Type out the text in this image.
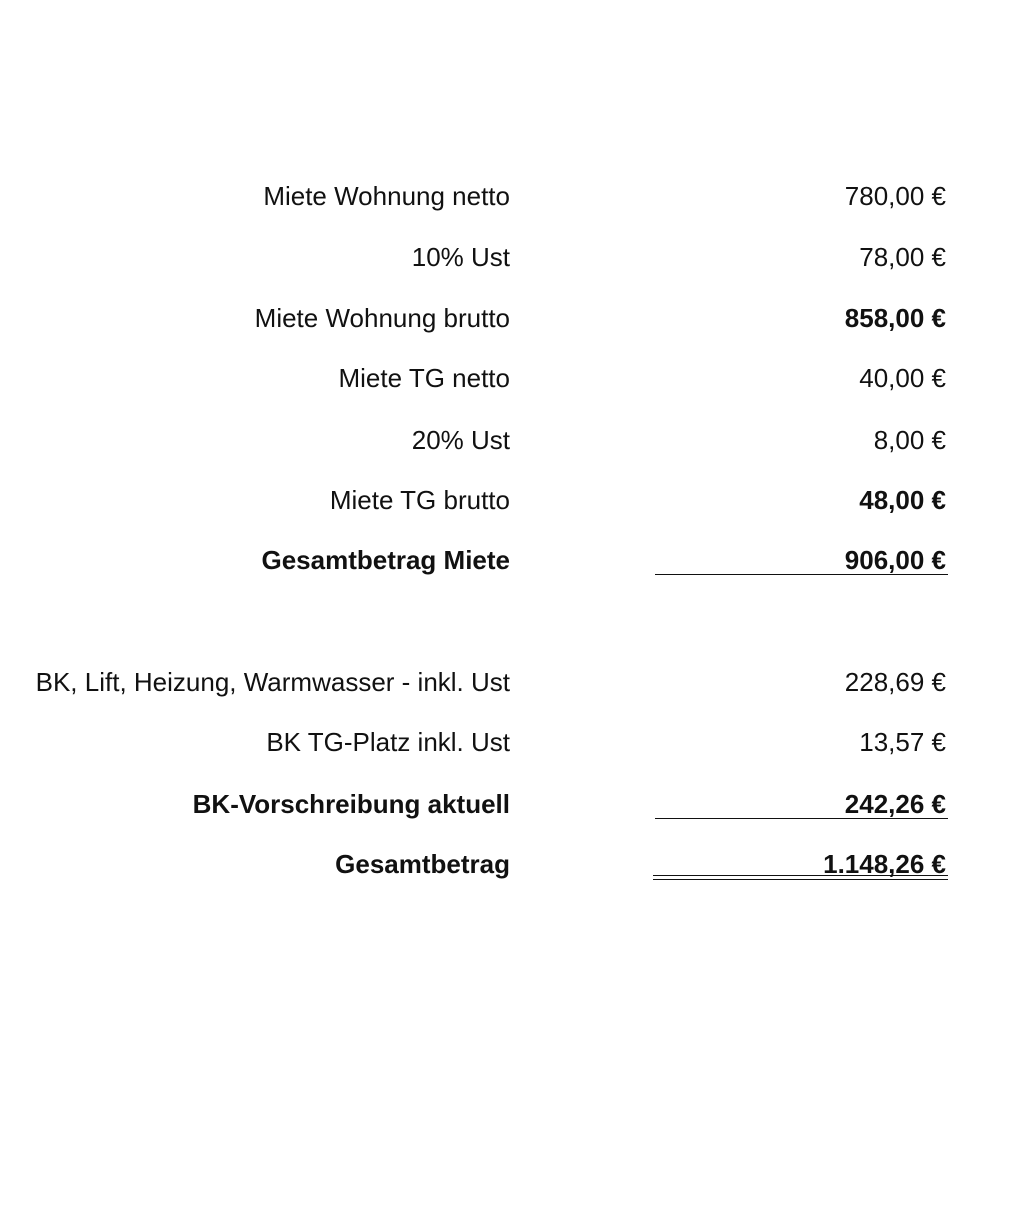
Miete Wohnung netto	780,00 €
10% Ust	78,00 €
Miete Wohnung brutto	858,00 €
Miete TG netto	40,00 €
20% Ust	8,00 €
Miete TG brutto	48,00 €
Gesamtbetrag Miete	906,00 €
BK, Lift, Heizung, Warmwasser - inkl. Ust	228,69 €
BK TG-Platz inkl. Ust	13,57 €
BK-Vorschreibung aktuell	242,26 €
Gesamtbetrag	1.148,26 €
